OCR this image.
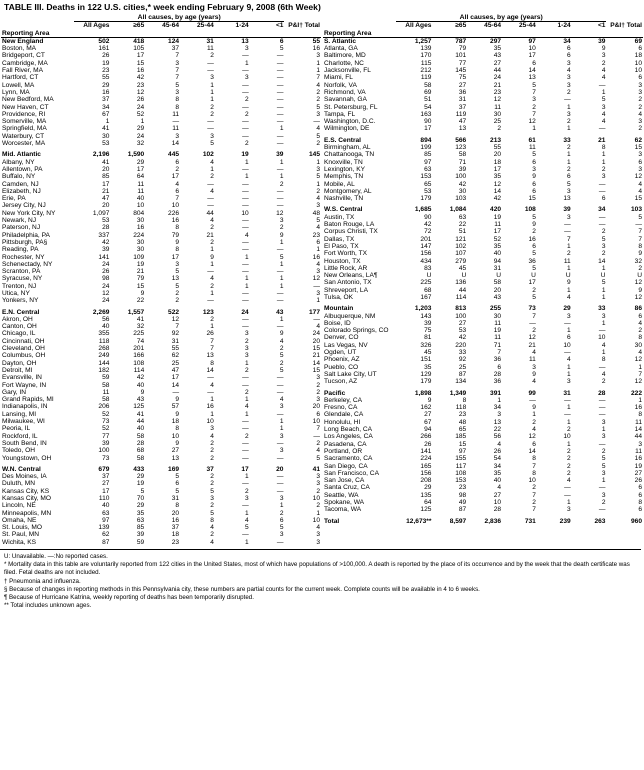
TABLE III. Deaths in 122 U.S. cities,* week ending February 9, 2008 (6th Week)
	All causes, by age (years)	
	All Ages	≥65	45-64	25-44	1-24	<1	P&I† Total
Reporting Area	
New England	502	418	124	31	13	6	55
Boston, MA	161	105	37	11	3	5	16
Bridgeport, CT	26	17	7	2	—	—	3
Cambridge, MA	19	15	3	—	1	—	1
Fall River, MA	23	16	7	—	—	—	1
Hartford, CT	55	42	7	3	3	—	7
Lowell, MA	29	23	5	1	—	—	4
Lynn, MA	16	12	3	1	—	—	2
New Bedford, MA	37	26	8	1	2	—	2
New Haven, CT	34	24	8	2	—	—	5
Providence, RI	67	52	11	2	2	—	3
Somerville, MA	1	1	—	—	—	—	—
Springfield, MA	41	29	11	—	—	1	4
Waterbury, CT	30	24	3	3	—	—	5
Worcester, MA	53	32	14	5	2	—	2

Mid. Atlantic	2,196	1,590	445	102	19	39	145
Albany, NY	41	29	6	4	1	1	1
Allentown, PA	20	17	2	1	—	—	3
Buffalo, NY	85	64	17	2	1	1	5
Camden, NJ	17	11	4	—	—	2	1
Elizabeth, NJ	21	11	6	4	—	—	2
Erie, PA	47	40	7	—	—	—	4
Jersey City, NJ	20	10	10	—	—	—	3
New York City, NY	1,097	804	226	44	10	12	48
Newark, NJ	53	30	16	4	—	3	5
Paterson, NJ	28	16	8	2	—	2	4
Philadelphia, PA	337	224	79	21	4	9	23
Pittsburgh, PA§	42	30	9	2	—	1	6
Reading, PA	39	30	8	1	—	—	1
Rochester, NY	141	109	17	9	1	5	16
Schenectady, NY	24	19	3	1	—	1	4
Scranton, PA	26	21	5	—	—	—	3
Syracuse, NY	98	79	13	4	1	1	12
Trenton, NJ	24	15	5	2	1	1	—
Utica, NY	12	9	2	1	—	—	3
Yonkers, NY	24	22	2	—	—	—	1

E.N. Central	2,269	1,557	522	123	24	43	177
Akron, OH	56	41	12	2	—	1	—
Canton, OH	40	32	7	1	—	—	4
Chicago, IL	355	225	92	26	3	9	24
Cincinnati, OH	118	74	31	7	2	4	20
Cleveland, OH	268	201	55	7	3	2	15
Columbus, OH	249	166	62	13	3	5	21
Dayton, OH	144	108	25	8	1	2	14
Detroit, MI	182	114	47	14	2	5	15
Evansville, IN	59	42	17	—	—	—	3
Fort Wayne, IN	58	40	14	4	—	—	2
Gary, IN	11	9	—	—	2	—	2
Grand Rapids, MI	58	43	9	1	1	4	3
Indianapolis, IN	206	125	57	16	4	3	20
Lansing, MI	52	41	9	1	1	—	6
Milwaukee, WI	73	44	18	10	—	1	10
Peoria, IL	52	40	8	3	—	1	7
Rockford, IL	77	58	10	4	2	3	—
South Bend, IN	39	28	9	2	—	—	2
Toledo, OH	100	68	27	2	—	3	4
Youngstown, OH	73	58	13	2	—	—	5

W.N. Central	679	433	169	37	17	20	41
Des Moines, IA	37	29	5	2	1	—	3
Duluth, MN	27	19	6	2	—	—	3
Kansas City, KS	17	5	5	5	2	—	2
Kansas City, MO	110	70	31	3	3	3	10
Lincoln, NE	40	29	8	2	—	1	2
Minneapolis, MN	63	35	20	5	1	2	1
Omaha, NE	97	63	16	8	4	6	10
St. Louis, MO	139	85	37	4	5	5	4
St. Paul, MN	62	39	18	2	—	3	3
Wichita, KS	87	59	23	4	1	—	3

	All causes, by age (years)	
	All Ages	≥65	45-64	25-44	1-24	<1	P&I† Total
Reporting Area	
S. Atlantic	1,257	787	297	97	34	39	69
Atlanta, GA	139	79	35	10	6	9	6
Baltimore, MD	170	101	43	17	6	3	18
Charlotte, NC	115	77	27	6	3	2	10
Jacksonville, FL	212	145	44	14	4	4	10
Miami, FL	119	75	24	13	3	4	6
Norfolk, VA	58	27	21	5	3	—	3
Richmond, VA	69	36	23	7	2	1	3
Savannah, GA	51	31	12	3	—	5	2
St. Petersburg, FL	54	37	11	2	1	3	2
Tampa, FL	163	119	30	7	3	4	4
Washington, D.C.	90	47	25	12	2	4	3
Wilmington, DE	17	13	2	1	1	—	2

E.S. Central	894	566	213	61	33	21	62
Birmingham, AL	199	123	55	11	2	8	15
Chattanooga, TN	85	58	20	5	1	1	3
Knoxville, TN	97	71	18	6	1	1	6
Lexington, KY	63	39	17	3	2	2	3
Memphis, TN	153	100	35	9	6	3	12
Mobile, AL	65	42	12	6	5	—	4
Montgomery, AL	53	30	14	6	3	—	4
Nashville, TN	179	103	42	15	13	6	15

W.S. Central	1,685	1,084	420	108	39	34	103
Austin, TX	90	63	19	5	3	—	5
Baton Rouge, LA	42	22	11	9	—	—	—
Corpus Christi, TX	72	51	17	2	—	2	7
Dallas, TX	201	121	52	16	7	5	7
El Paso, TX	147	102	35	6	1	3	8
Fort Worth, TX	156	107	40	5	2	2	9
Houston, TX	434	279	94	36	11	14	32
Little Rock, AR	83	45	31	5	1	1	2
New Orleans, LA¶	U	U	U	U	U	U	U
San Antonio, TX	225	136	58	17	9	5	12
Shreveport, LA	68	44	20	2	1	1	9
Tulsa, OK	167	114	43	5	4	1	12

Mountain	1,203	813	255	73	29	33	86
Albuquerque, NM	143	100	30	7	3	3	6
Boise, ID	39	27	11	—	—	1	4
Colorado Springs, CO	75	53	19	2	1	—	2
Denver, CO	81	42	11	12	6	10	8
Las Vegas, NV	326	220	71	21	10	4	30
Ogden, UT	45	33	7	4	—	1	4
Phoenix, AZ	151	92	36	11	4	8	12
Pueblo, CO	35	25	6	3	1	—	1
Salt Lake City, UT	129	87	28	9	1	4	7
Tucson, AZ	179	134	36	4	3	2	12

Pacific	1,898	1,349	391	99	31	28	222
Berkeley, CA	9	8	1	—	—	—	1
Fresno, CA	162	118	34	9	1	—	16
Glendale, CA	27	23	3	1	—	—	8
Honolulu, HI	67	48	13	2	1	3	11
Long Beach, CA	94	65	22	4	2	1	14
Los Angeles, CA	266	185	56	12	10	3	44
Pasadena, CA	26	15	4	6	1	—	3
Portland, OR	141	97	26	14	2	2	11
Sacramento, CA	224	155	54	8	2	5	16
San Diego, CA	165	117	34	7	2	5	19
San Francisco, CA	156	108	35	8	2	3	27
San Jose, CA	208	153	40	10	4	1	26
Santa Cruz, CA	29	23	4	2	—	—	6
Seattle, WA	135	98	27	7	—	3	6
Spokane, WA	64	49	10	2	1	2	8
Tacoma, WA	125	87	28	7	3	—	6

Total	12,673**	8,597	2,836	731	239	263	960
U: Unavailable. —:No reported cases.
* Mortality data in this table are voluntarily reported from 122 cities in the United States, most of which have populations of >100,000. A death is reported by the place of its occurrence and by the week that the death certificate was filed. Fetal deaths are not included.
† Pneumonia and influenza.
§ Because of changes in reporting methods in this Pennsylvania city, these numbers are partial counts for the current week. Complete counts will be available in 4 to 6 weeks.
¶ Because of Hurricane Katrina, weekly reporting of deaths has been temporarily disrupted.
** Total includes unknown ages.
